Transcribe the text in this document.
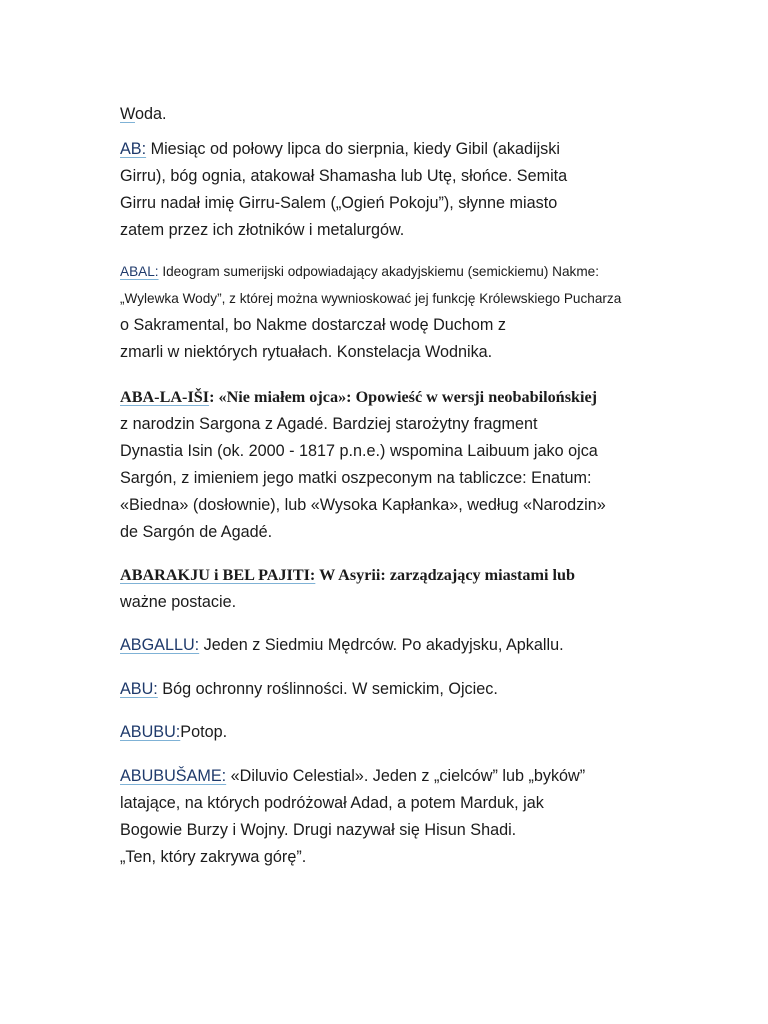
Woda.

AB: Miesiąc od połowy lipca do sierpnia, kiedy Gibil (akadijski
Girru), bóg ognia, atakował Shamasha lub Utę, słońce. Semita
Girru nadał imię Girru-Salem („Ogień Pokoju”), słynne miasto
zatem przez ich złotników i metalurgów.
ABAL: Ideogram sumerijski odpowiadający akadyjskiemu (semickiemu) Nakme:
„Wylewka Wody”, z której można wywnioskować jej funkcję Królewskiego Pucharza
o Sakramental, bo Nakme dostarczał wodę Duchom z
zmarli w niektórych rytuałach. Konstelacja Wodnika.
ABA-LA-IŠI: «Nie miałem ojca»: Opowieść w wersji neobabilońskiej
z narodzin Sargona z Agadé. Bardziej starożytny fragment
Dynastia Isin (ok. 2000 - 1817 p.n.e.) wspomina Laibuum jako ojca
Sargón, z imieniem jego matki oszpeconym na tabliczce: Enatum:
«Biedna» (dosłownie), lub «Wysoka Kapłanka», według «Narodzin»
de Sargón de Agadé.
ABARAKJU i BEL PAJITI: W Asyrii: zarządzający miastami lub
ważne postacie.
ABGALLU: Jeden z Siedmiu Mędrców. Po akadyjsku, Apkallu.
ABU: Bóg ochronny roślinności. W semickim, Ojciec.
ABUBU:Potop.
ABUBUŠAME: «Diluvio Celestial». Jeden z „cielców” lub „byków”
latające, na których podróżował Adad, a potem Marduk, jak
Bogowie Burzy i Wojny. Drugi nazywał się Hisun Shadi.
„Ten, który zakrywa górę”.
